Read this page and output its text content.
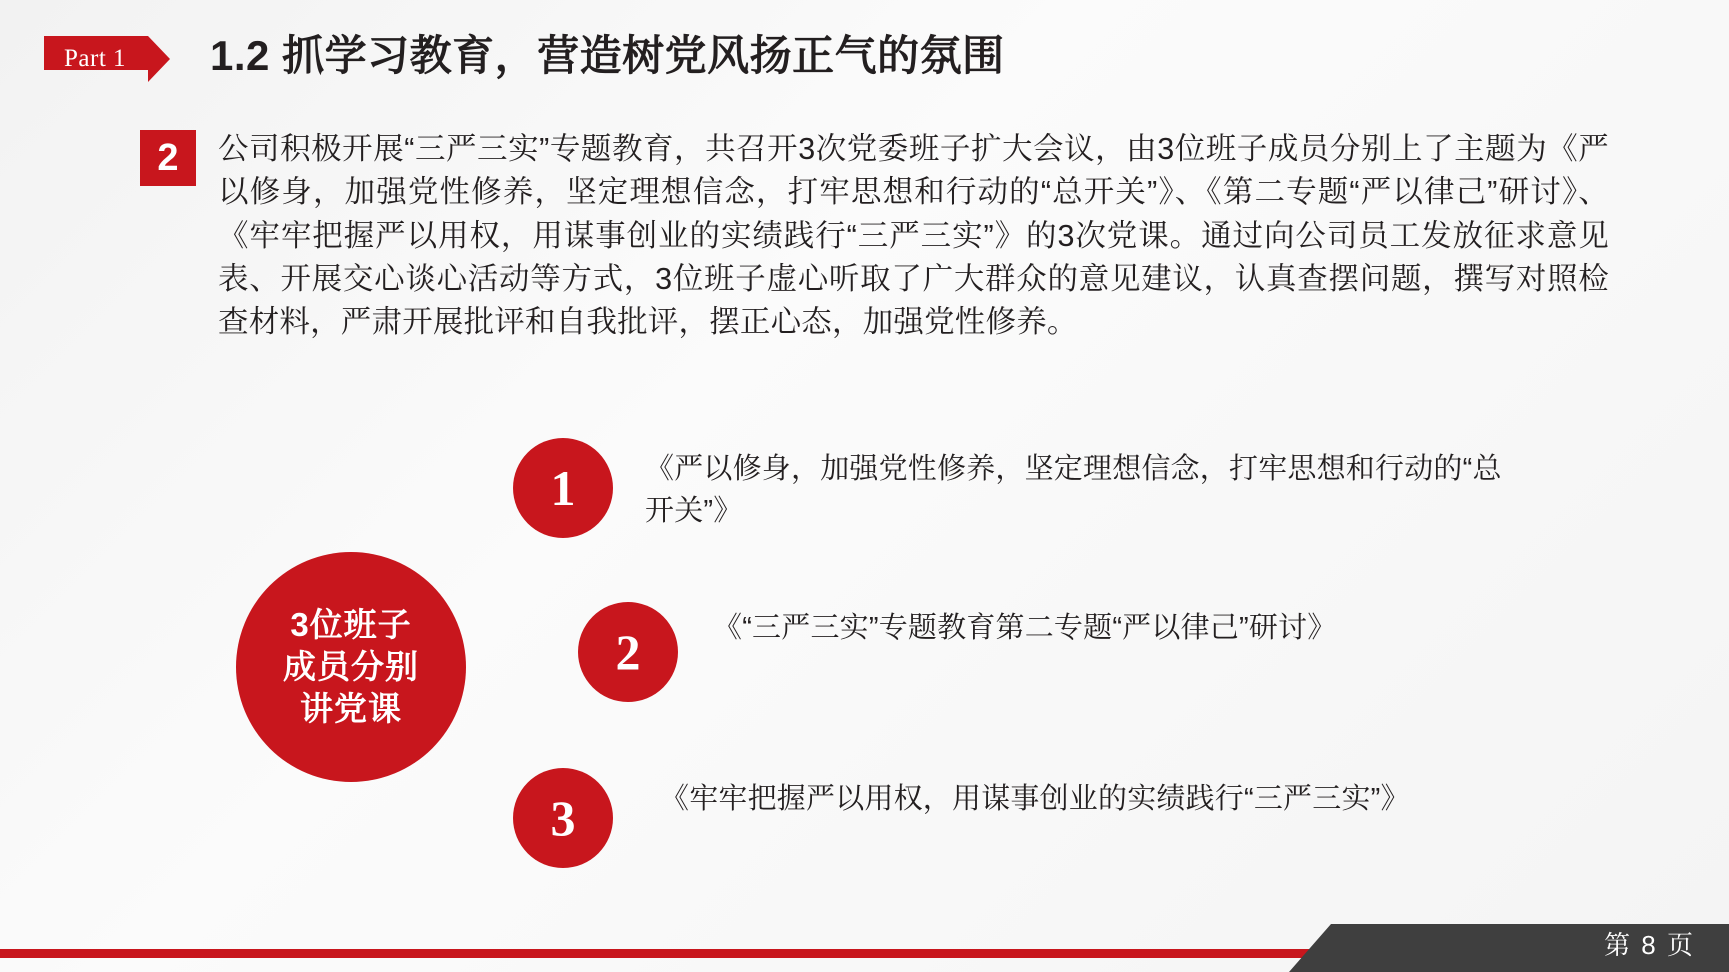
Part 1	1.2 抓学习教育，营造树党风扬正气的氛围
2	公司积极开展“三严三实”专题教育，共召开3次党委班子扩大会议，由3位班子成员分别上了主题为《严以修身，加强党性修养，坚定理想信念，打牢思想和行动的“总开关”》、《第二专题“严以律己”研讨》、《牢牢把握严以用权，用谋事创业的实绩践行“三严三实”》的3次党课。通过向公司员工发放征求意见表、开展交心谈心活动等方式，3位班子虚心听取了广大群众的意见建议，认真查摆问题，撰写对照检查材料，严肃开展批评和自我批评，摆正心态，加强党性修养。
3位班子
成员分别
讲党课
1	《严以修身，加强党性修养，坚定理想信念，打牢思想和行动的“总开关”》
2	《“三严三实”专题教育第二专题“严以律己”研讨》
3	《牢牢把握严以用权，用谋事创业的实绩践行“三严三实”》
第 8 页
